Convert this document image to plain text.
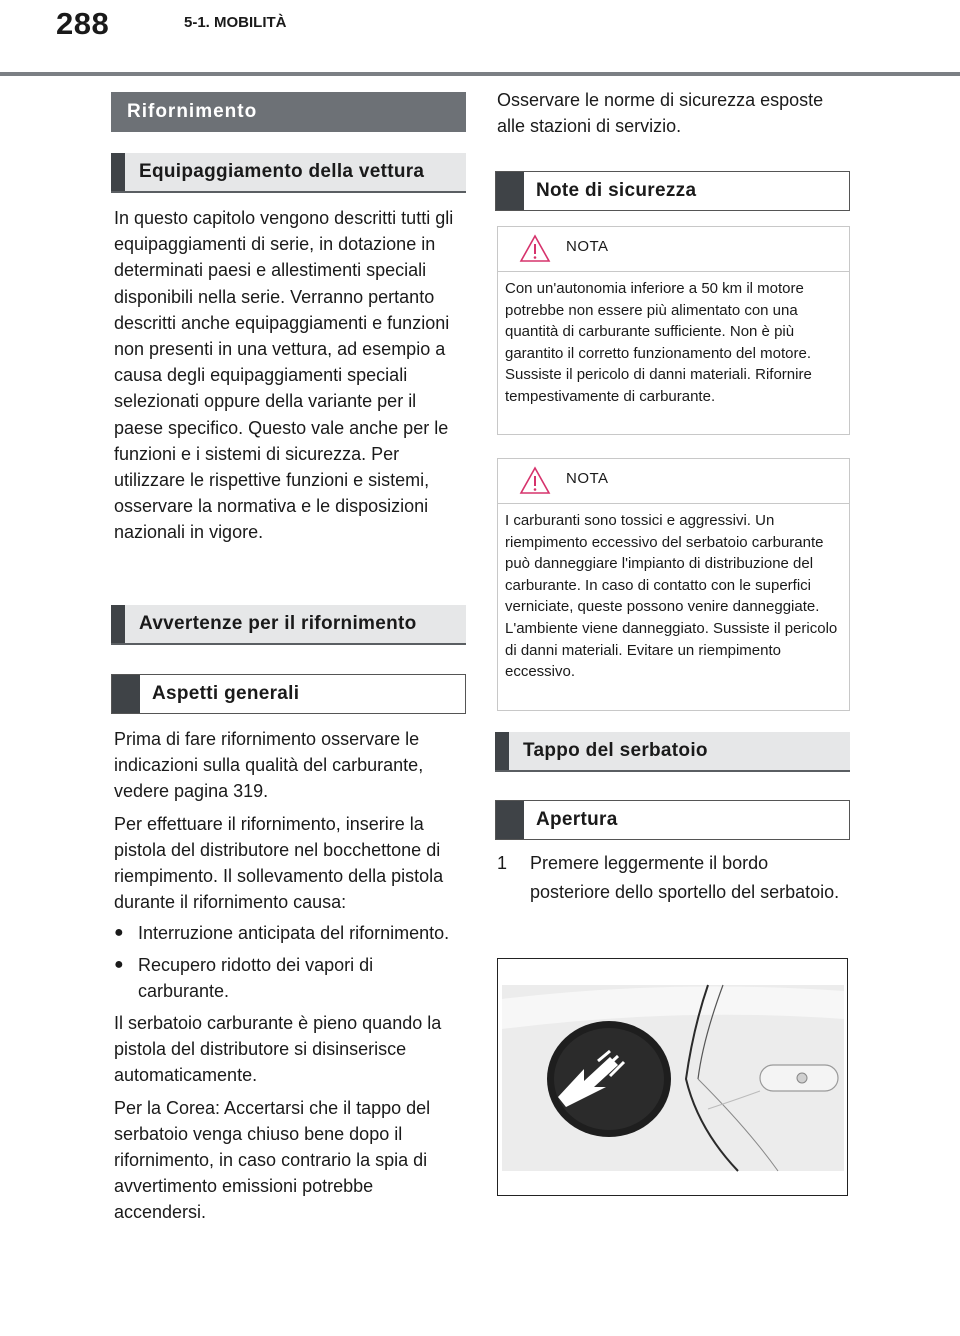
288	5-1. MOBILITÀ
Rifornimento
Equipaggiamento della vettura

In questo capitolo vengono descritti tutti gli equipaggiamenti di serie, in dotazione in determinati paesi e allestimenti speciali disponibili nella serie. Verranno pertanto descritti anche equipaggiamenti e funzioni non presenti in una vettura, ad esempio a causa degli equipaggiamenti speciali selezionati oppure della variante per il paese specifico. Questo vale anche per le funzioni e i sistemi di sicurezza. Per utilizzare le rispettive funzioni e sistemi, osservare la normativa e le disposizioni nazionali in vigore.

Avvertenze per il rifornimento
Aspetti generali

Prima di fare rifornimento osservare le indicazioni sulla qualità del carburante, vedere pagina 319.

Per effettuare il rifornimento, inserire la pistola del distributore nel bocchettone di riempimento. Il sollevamento della pistola durante il rifornimento causa:

● Interruzione anticipata del rifornimento.
● Recupero ridotto dei vapori di carburante.

Il serbatoio carburante è pieno quando la pistola del distributore si disinserisce automaticamente.

Per la Corea: Accertarsi che il tappo del serbatoio venga chiuso bene dopo il rifornimento, in caso contrario la spia di avvertimento emissioni potrebbe accendersi.

Osservare le norme di sicurezza esposte alle stazioni di servizio.

Note di sicurezza
NOTA
Con un'autonomia inferiore a 50 km il motore potrebbe non essere più alimentato con una quantità di carburante sufficiente. Non è più garantito il corretto funzionamento del motore. Sussiste il pericolo di danni materiali. Rifornire tempestivamente di carburante.
NOTA
I carburanti sono tossici e aggressivi. Un riempimento eccessivo del serbatoio carburante può danneggiare l'impianto di distribuzione del carburante. In caso di contatto con le superfici verniciate, queste possono venire danneggiate. L'ambiente viene danneggiato. Sussiste il pericolo di danni materiali. Evitare un riempimento eccessivo.
Tappo del serbatoio
Apertura
1	Premere leggermente il bordo posteriore dello sportello del serbatoio.
